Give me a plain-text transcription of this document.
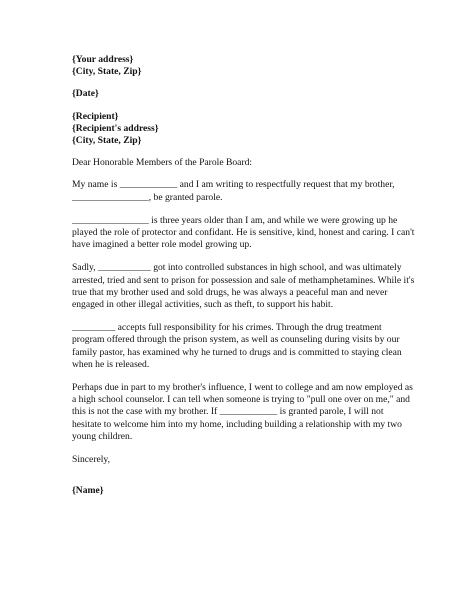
{Your address}
{City, State, Zip}
{Date}
{Recipient}
{Recipient's address}
{City, State, Zip}
Dear Honorable Members of the Parole Board:
My name is ____________ and I am writing to respectfully request that my brother,
________________, be granted parole.
________________ is three years older than I am, and while we were growing up he
played the role of protector and confidant. He is sensitive, kind, honest and caring. I can't
have imagined a better role model growing up.
Sadly, ___________ got into controlled substances in high school, and was ultimately
arrested, tried and sent to prison for possession and sale of methamphetamines. While it's
true that my brother used and sold drugs, he was always a peaceful man and never
engaged in other illegal activities, such as theft, to support his habit.
_________ accepts full responsibility for his crimes. Through the drug treatment
program offered through the prison system, as well as counseling during visits by our
family pastor, has examined why he turned to drugs and is committed to staying clean
when he is released.
Perhaps due in part to my brother's influence, I went to college and am now employed as
a high school counselor. I can tell when someone is trying to "pull one over on me," and
this is not the case with my brother. If ____________ is granted parole, I will not
hesitate to welcome him into my home, including building a relationship with my two
young children.
Sincerely,
{Name}
